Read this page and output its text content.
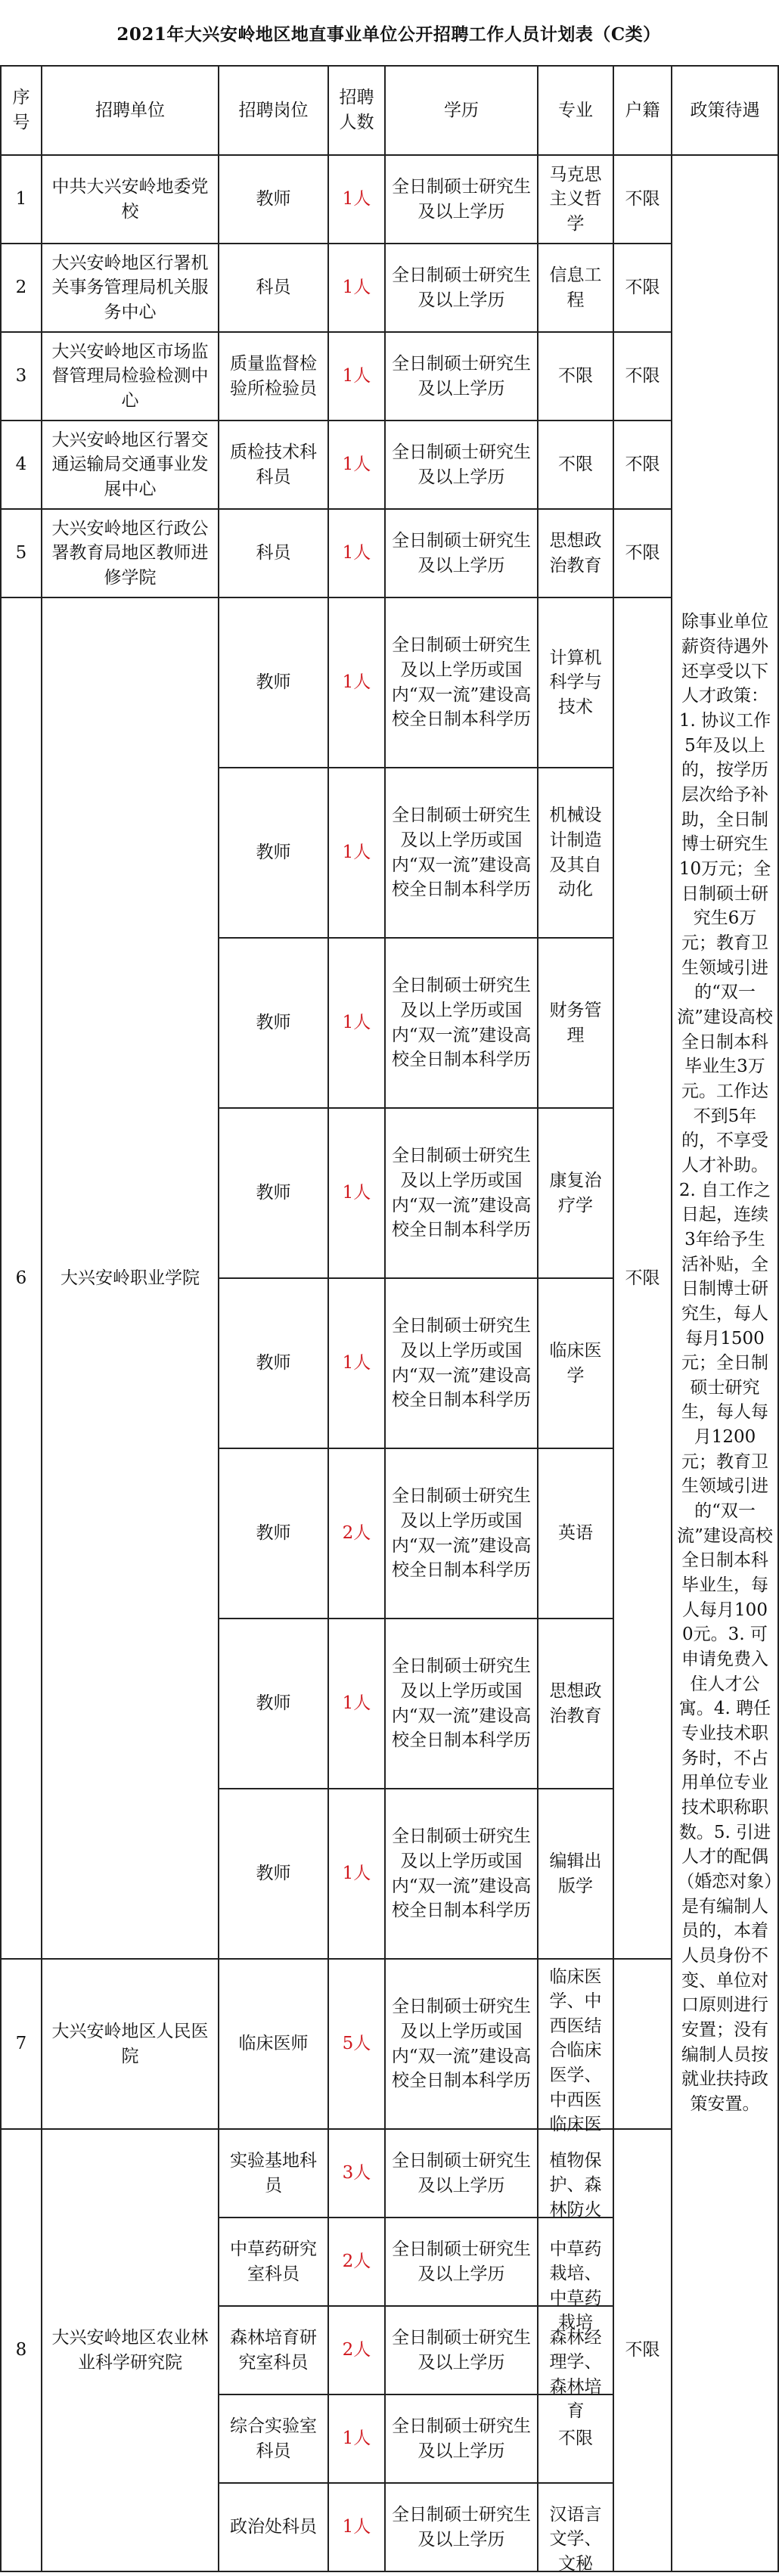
2021年大兴安岭地区地直事业单位公开招聘工作人员计划表（C类）
序号	招聘单位	招聘岗位	招聘人数	学历	专业	户籍	政策待遇
1	中共大兴安岭地委党校	教师	1人	全日制硕士研究生及以上学历	马克思主义哲学	不限	除事业单位薪资待遇外还享受以下人才政策：1. 协议工作5年及以上的，按学历层次给予补助，全日制博士研究生10万元；全日制硕士研究生6万元；教育卫生领域引进的“双一流”建设高校全日制本科毕业生3万元。工作达不到5年的，不享受人才补助。2. 自工作之日起，连续3年给予生活补贴，全日制博士研究生，每人每月1500元；全日制硕士研究生，每人每月1200元；教育卫生领域引进的“双一流”建设高校全日制本科毕业生，每人每月1000元。3. 可申请免费入住人才公寓。4. 聘任专业技术职务时，不占用单位专业技术职称职数。5. 引进人才的配偶（婚恋对象）是有编制人员的，本着人员身份不变、单位对口原则进行安置；没有编制人员按就业扶持政策安置。

2	大兴安岭地区行署机关事务管理局机关服务中心	科员	1人	全日制硕士研究生及以上学历	信息工程	不限	
3	大兴安岭地区市场监督管理局检验检测中心	质量监督检验所检验员	1人	全日制硕士研究生及以上学历	不限	不限	
4	大兴安岭地区行署交通运输局交通事业发展中心	质检技术科科员	1人	全日制硕士研究生及以上学历	不限	不限	
5	大兴安岭地区行政公署教育局地区教师进修学院	科员	1人	全日制硕士研究生及以上学历	思想政治教育	不限	
6	大兴安岭职业学院	教师	1人	全日制硕士研究生及以上学历或国内“双一流”建设高校全日制本科学历	计算机科学与技术	不限	
		教师	1人	全日制硕士研究生及以上学历或国内“双一流”建设高校全日制本科学历	机械设计制造及其自动化		
		教师	1人	全日制硕士研究生及以上学历或国内“双一流”建设高校全日制本科学历	财务管理		
		教师	1人	全日制硕士研究生及以上学历或国内“双一流”建设高校全日制本科学历	康复治疗学		
		教师	1人	全日制硕士研究生及以上学历或国内“双一流”建设高校全日制本科学历	临床医学		
		教师	2人	全日制硕士研究生及以上学历或国内“双一流”建设高校全日制本科学历	英语		
		教师	1人	全日制硕士研究生及以上学历或国内“双一流”建设高校全日制本科学历	思想政治教育		
		教师	1人	全日制硕士研究生及以上学历或国内“双一流”建设高校全日制本科学历	编辑出版学		
7	大兴安岭地区人民医院	临床医师	5人	全日制硕士研究生及以上学历或国内“双一流”建设高校全日制本科学历	临床医学、中西医结合临床医学、中西医临床医		

8	大兴安岭地区农业林业科学研究院	实验基地科员	3人	全日制硕士研究生及以上学历	植物保护、森林防火	不限	
		中草药研究室科员	2人	全日制硕士研究生及以上学历	中草药栽培、中草药栽培		

		森林培育研究室科员	2人	全日制硕士研究生及以上学历	森林经理学、森林培育		

		综合实验室科员	1人	全日制硕士研究生及以上学历	不限		
		政治处科员	1人	全日制硕士研究生及以上学历	汉语言文学、文秘		
